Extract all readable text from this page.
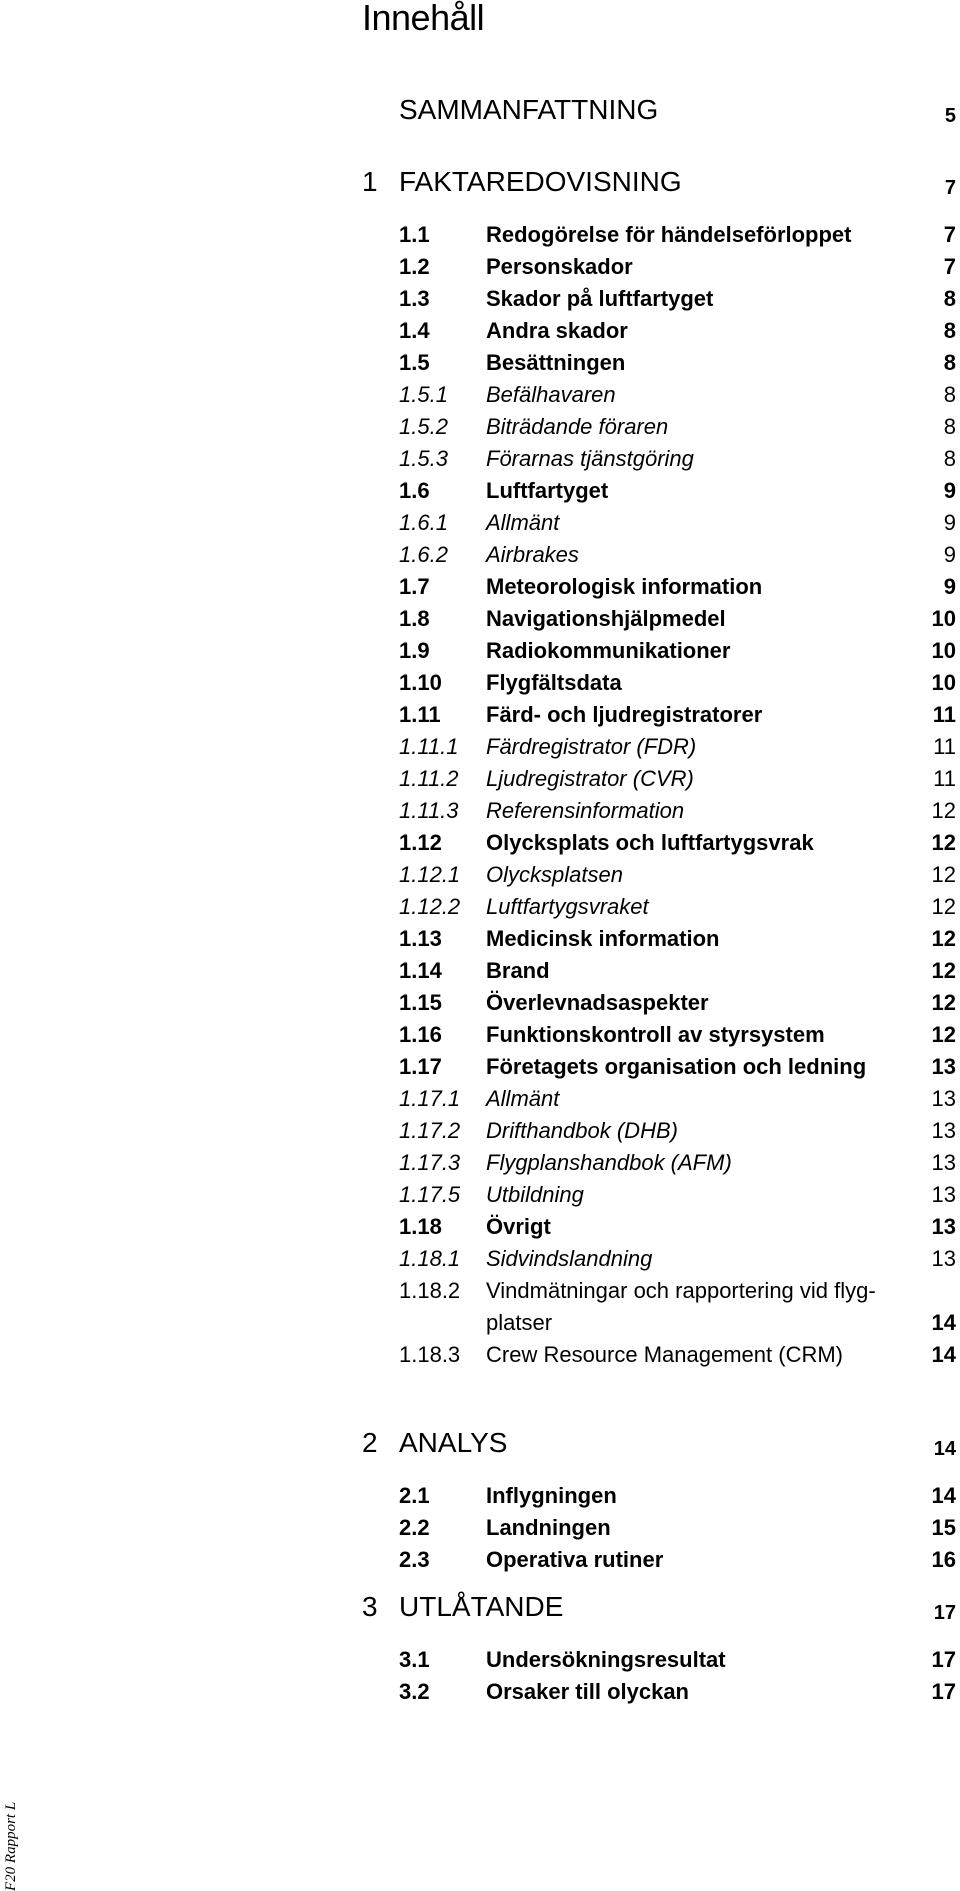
Innehåll
SAMMANFATTNING	5
1 FAKTAREDOVISNING	7
1.1	Redogörelse för händelseförloppet	7
1.2	Personskador	7
1.3	Skador på luftfartyget	8
1.4	Andra skador	8
1.5	Besättningen	8
1.5.1 Befälhavaren	8
1.5.2 Biträdande föraren	8
1.5.3 Förarnas tjänstgöring	8
1.6	Luftfartyget	9
1.6.1 Allmänt	9
1.6.2 Airbrakes	9
1.7	Meteorologisk information	9
1.8	Navigationshjälpmedel	10
1.9	Radiokommunikationer	10
1.10 Flygfältsdata	10
1.11 Färd- och ljudregistratorer	11
1.11.1 Färdregistrator (FDR)	11
1.11.2 Ljudregistrator (CVR)	11
1.11.3 Referensinformation	12
1.12 Olycksplats och luftfartygsvrak	12
1.12.1 Olycksplatsen	12
1.12.2 Luftfartygsvraket	12
1.13 Medicinsk information	12
1.14 Brand	12
1.15 Överlevnadsaspekter	12
1.16 Funktionskontroll av styrsystem	12
1.17 Företagets organisation och ledning	13
1.17.1 Allmänt	13
1.17.2 Drifthandbok (DHB)	13
1.17.3 Flygplanshandbok (AFM)	13
1.17.5 Utbildning	13
1.18 Övrigt	13
1.18.1 Sidvindslandning	13
1.18.2 Vindmätningar och rapportering vid flyg-
platser	14
1.18.3 Crew Resource Management (CRM)	14
2 ANALYS	14
2.1	Inflygningen	14
2.2	Landningen	15
2.3	Operativa rutiner	16
3 UTLÅTANDE	17
3.1	Undersökningsresultat	17
3.2	Orsaker till olyckan	17
F20 Rapport L
